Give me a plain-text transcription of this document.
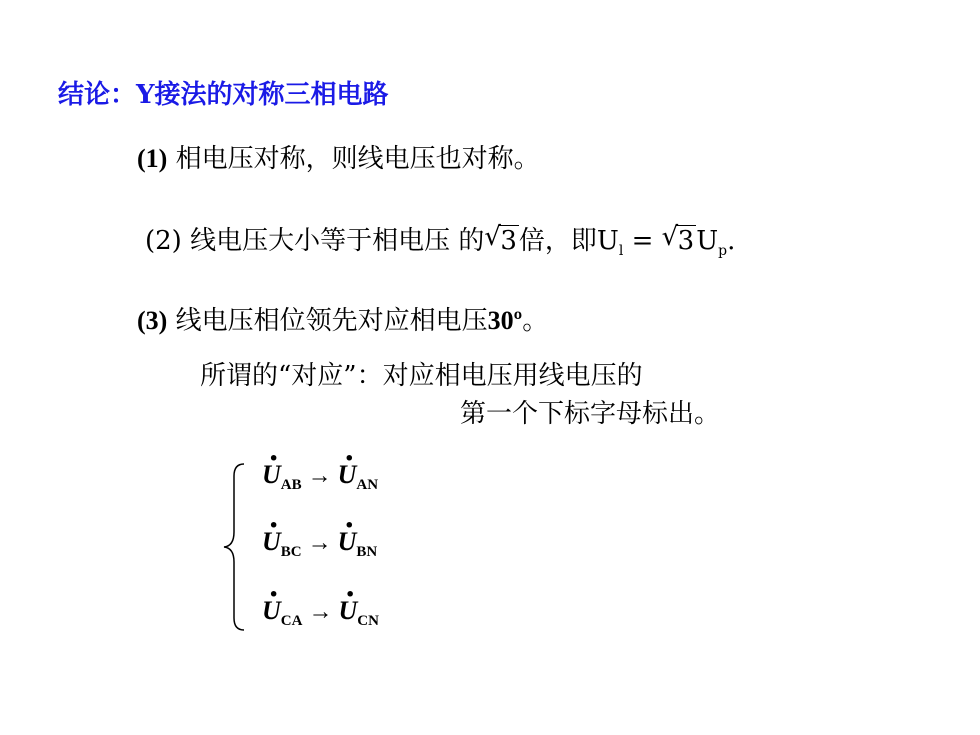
结论：Y接法的对称三相电路
(1) 相电压对称，则线电压也对称。
(2) 线电压大小等于相电压 的 √ 3倍，即$U_l$ = √ $3U_p$.
(3) 线电压相位领先对应相电压30º。
所谓的“对应”：对应相电压用线电压的
第一个下标字母标出。
· $U_{AB} \to\cdot U_{AN}$
· $U_{BC} \to\cdot U_{BN}$
· $U_{CA} \to\cdot U_{CN}$
